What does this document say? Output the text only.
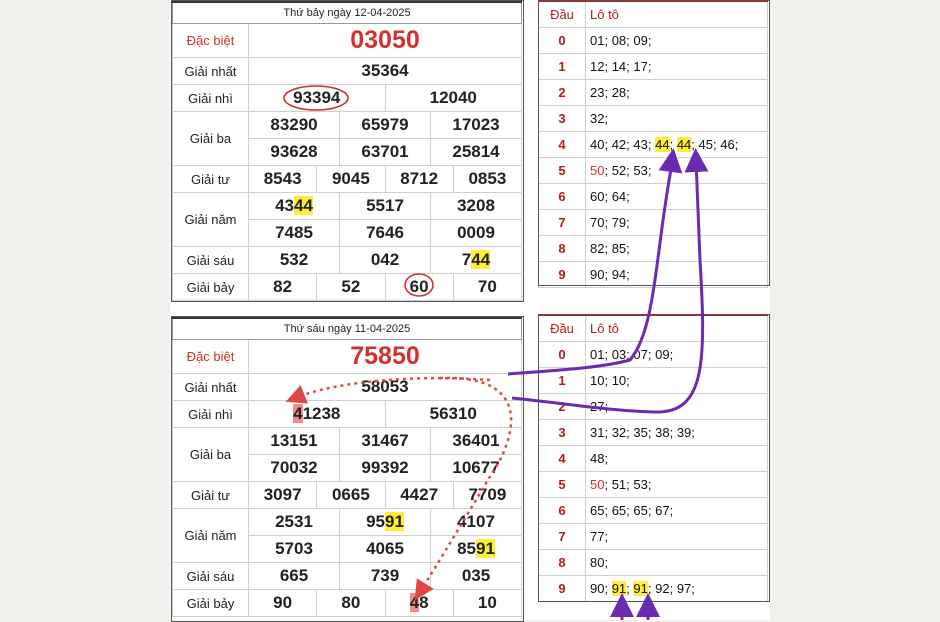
Thứ bảy ngày 12-04-2025						
Đặc biệt	03050					
Giải nhất	35364					
Giải nhì	93394			12040		
Giải ba	83290		65979		17023	
	93628		63701		25814	
Giải tư	8543	9045		8712		0853
Giải năm	4344		5517		3208	
	7485		7646		0009	
Giải sáu	532		042		744	
Giải bảy	82	52		60		70
Thứ sáu ngày 11-04-2025						
Đặc biệt	75850					
Giải nhất	58053					
Giải nhì	41238			56310		
Giải ba	13151		31467		36401	
	70032		99392		10677	
Giải tư	3097	0665		4427		7709
Giải năm	2531		9591		4107	
	5703		4065		8591	
Giải sáu	665		739		035	
Giải bảy	90	80		48		10
Đầu	Lô tô
0	01; 08; 09;
1	12; 14; 17;
2	23; 28;
3	32;
4	40; 42; 43; 44; 44; 45; 46;
5	50; 52; 53;
6	60; 64;
7	70; 79;
8	82; 85;
9	90; 94;
Đầu	Lô tô
0	01; 03; 07; 09;
1	10; 10;
2	27;
3	31; 32; 35; 38; 39;
4	48;
5	50; 51; 53;
6	65; 65; 65; 67;
7	77;
8	80;
9	90; 91; 91; 92; 97;
